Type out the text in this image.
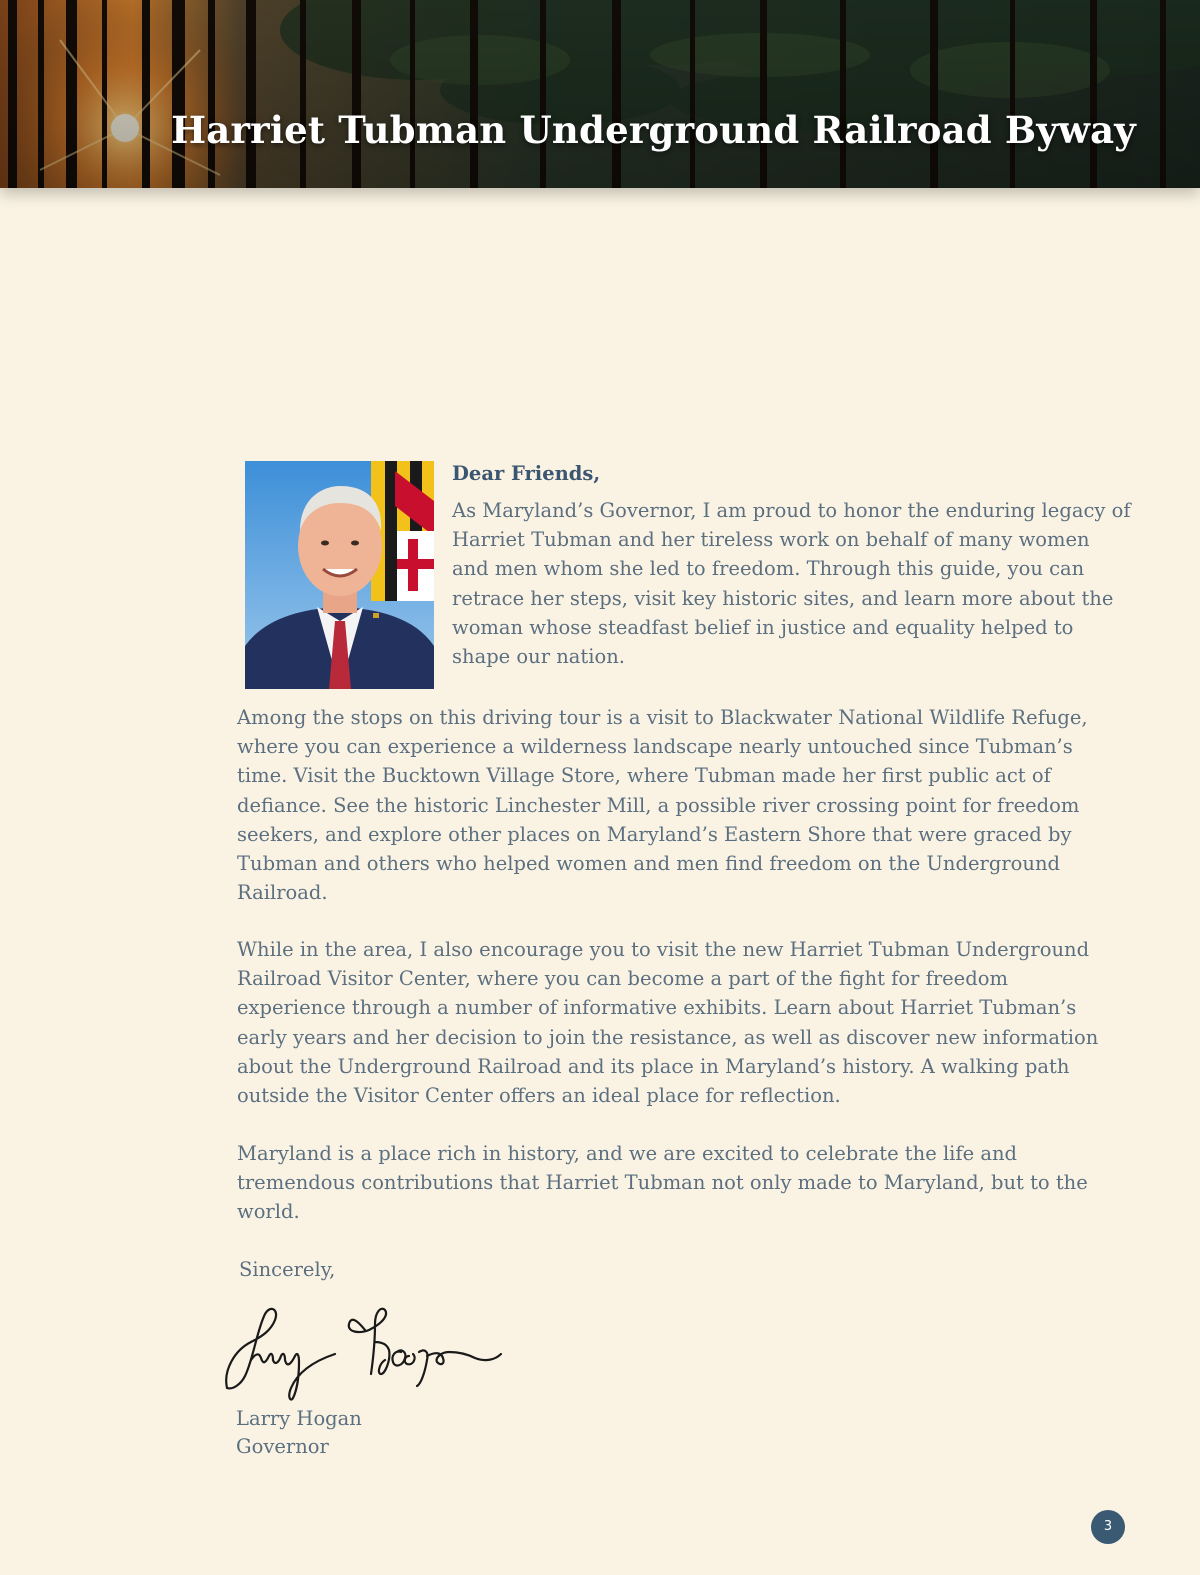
Harriet Tubman Underground Railroad Byway

Dear Friends,

As Maryland’s Governor, I am proud to honor the enduring legacy of Harriet Tubman and her tireless work on behalf of many women and men whom she led to freedom. Through this guide, you can retrace her steps, visit key historic sites, and learn more about the woman whose steadfast belief in justice and equality helped to shape our nation.

Among the stops on this driving tour is a visit to Blackwater National Wildlife Refuge, where you can experience a wilderness landscape nearly untouched since Tubman’s time. Visit the Bucktown Village Store, where Tubman made her first public act of defiance. See the historic Linchester Mill, a possible river crossing point for freedom seekers, and explore other places on Maryland’s Eastern Shore that were graced by Tubman and others who helped women and men find freedom on the Underground Railroad.

While in the area, I also encourage you to visit the new Harriet Tubman Underground Railroad Visitor Center, where you can become a part of the fight for freedom experience through a number of informative exhibits. Learn about Harriet Tubman’s early years and her decision to join the resistance, as well as discover new information about the Underground Railroad and its place in Maryland’s history. A walking path outside the Visitor Center offers an ideal place for reflection.

Maryland is a place rich in history, and we are excited to celebrate the life and tremendous contributions that Harriet Tubman not only made to Maryland, but to the world.

Sincerely,

Larry Hogan

Governor

3
